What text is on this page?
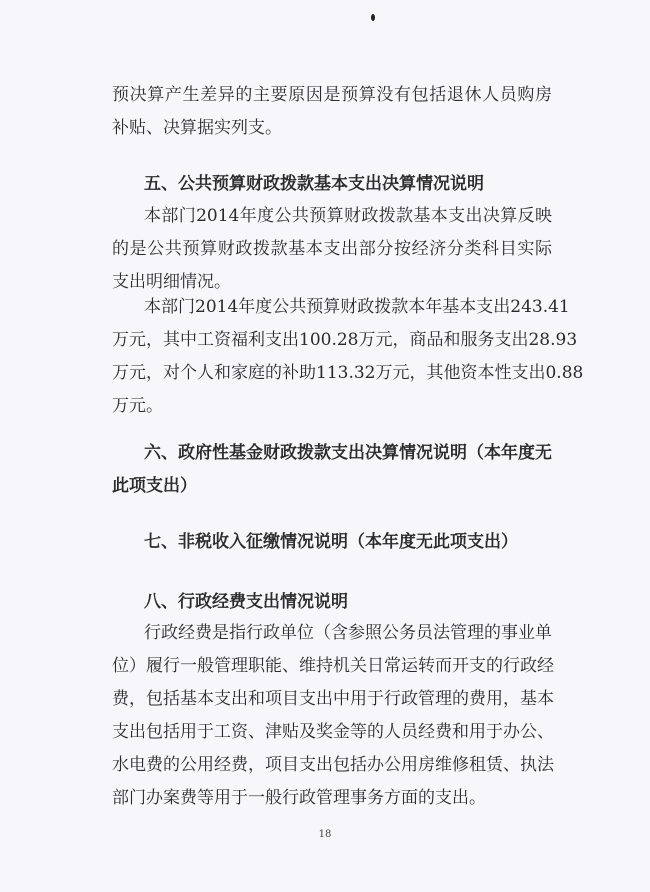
预决算产生差异的主要原因是预算没有包括退休人员购房
补贴、决算据实列支。

五、公共预算财政拨款基本支出决算情况说明

本部门2014年度公共预算财政拨款基本支出决算反映
的是公共预算财政拨款基本支出部分按经济分类科目实际
支出明细情况。

本部门2014年度公共预算财政拨款本年基本支出243.41
万元，其中工资福利支出100.28万元，商品和服务支出28.93
万元，对个人和家庭的补助113.32万元，其他资本性支出0.88
万元。

六、政府性基金财政拨款支出决算情况说明（本年度无
此项支出）

七、非税收入征缴情况说明（本年度无此项支出）

八、行政经费支出情况说明

行政经费是指行政单位（含参照公务员法管理的事业单
位）履行一般管理职能、维持机关日常运转而开支的行政经
费，包括基本支出和项目支出中用于行政管理的费用，基本
支出包括用于工资、津贴及奖金等的人员经费和用于办公、
水电费的公用经费，项目支出包括办公用房维修租赁、执法
部门办案费等用于一般行政管理事务方面的支出。

18
